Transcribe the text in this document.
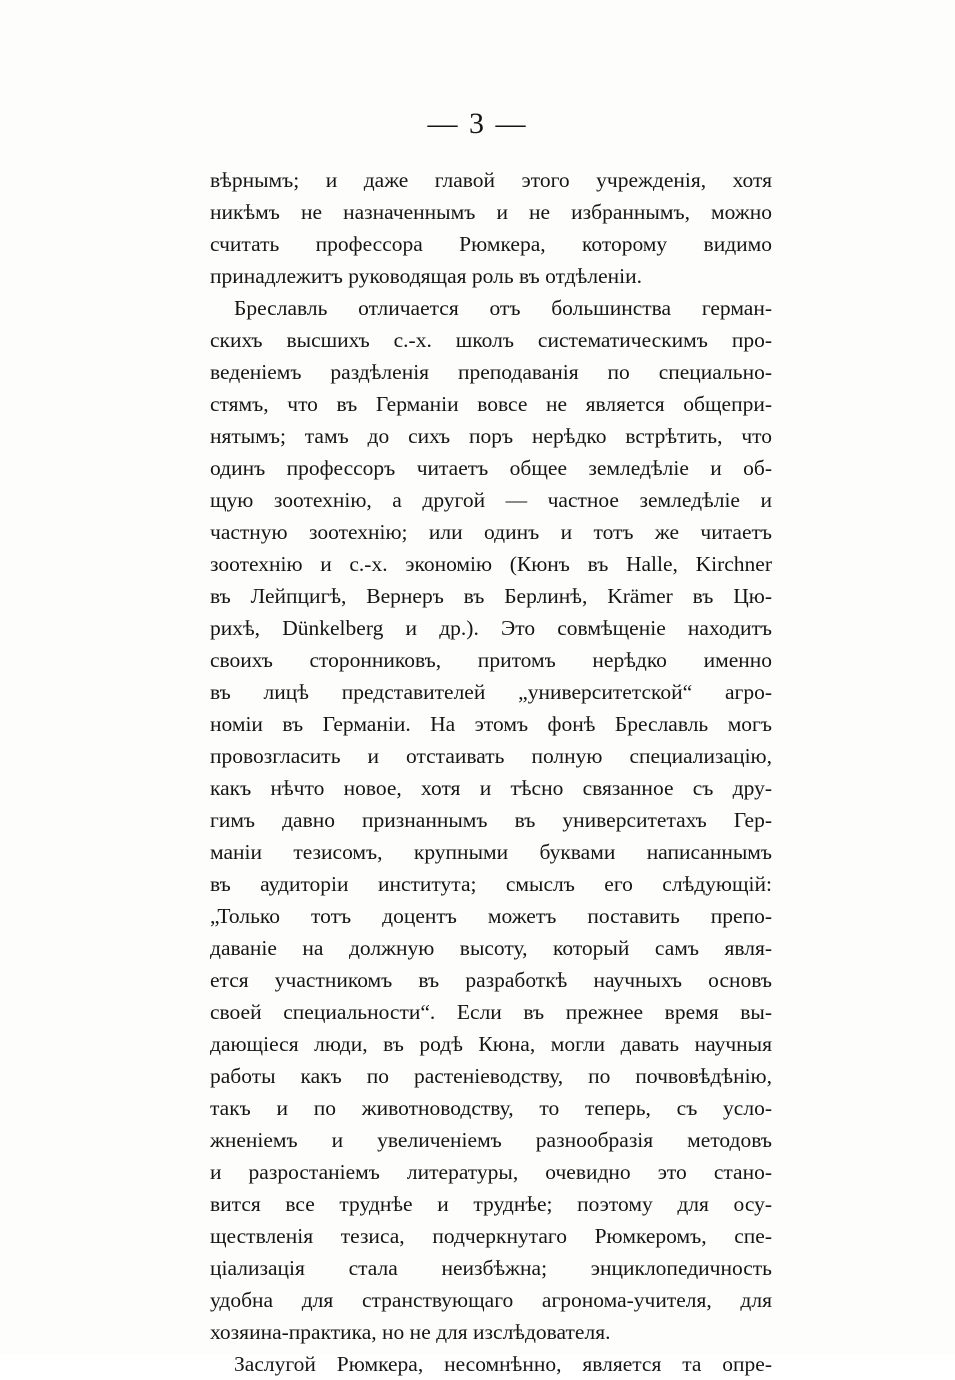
— 3 —
вѣрнымъ; и даже главой этого учрежденія, хотя
никѣмъ не назначеннымъ и не избраннымъ, можно
считать профессора Рюмкера, которому видимо
принадлежитъ руководящая роль въ отдѣленіи.
Бреславль отличается отъ большинства герман-
скихъ высшихъ с.-х. школъ систематическимъ про-
веденіемъ раздѣленія преподаванія по специально-
стямъ, что въ Германіи вовсе не является общепри-
нятымъ; тамъ до сихъ поръ нерѣдко встрѣтить, что
одинъ профессоръ читаетъ общее земледѣліе и об-
щую зоотехнію, а другой — частное земледѣліе и
частную зоотехнію; или одинъ и тотъ же читаетъ
зоотехнію и с.-х. экономію (Кюнъ въ Halle, Kirchner
въ Лейпцигѣ, Вернеръ въ Берлинѣ, Krämer въ Цю-
рихѣ, Dünkelberg и др.). Это совмѣщеніе находитъ
своихъ сторонниковъ, притомъ нерѣдко именно
въ лицѣ представителей „университетской“ агро-
номіи въ Германіи. На этомъ фонѣ Бреславль могъ
провозгласить и отстаивать полную специализацію,
какъ нѣчто новое, хотя и тѣсно связанное съ дру-
гимъ давно признаннымъ въ университетахъ Гер-
маніи тезисомъ, крупными буквами написаннымъ
въ аудиторіи института; смыслъ его слѣдующій:
„Только тотъ доцентъ можетъ поставить препо-
даваніе на должную высоту, который самъ явля-
ется участникомъ въ разработкѣ научныхъ основъ
своей специальности“. Если въ прежнее время вы-
дающіеся люди, въ родѣ Кюна, могли давать научныя
работы какъ по растеніеводству, по почвовѣдѣнію,
такъ и по животноводству, то теперь, съ усло-
жненіемъ и увеличеніемъ разнообразія методовъ
и разростаніемъ литературы, очевидно это стано-
вится все труднѣе и труднѣе; поэтому для осу-
ществленія тезиса, подчеркнутаго Рюмкеромъ, спе-
ціализація стала неизбѣжна; энциклопедичность
удобна для странствующаго агронома-учителя, для
хозяина-практика, но не для изслѣдователя.
Заслугой Рюмкера, несомнѣнно, является та опре-
